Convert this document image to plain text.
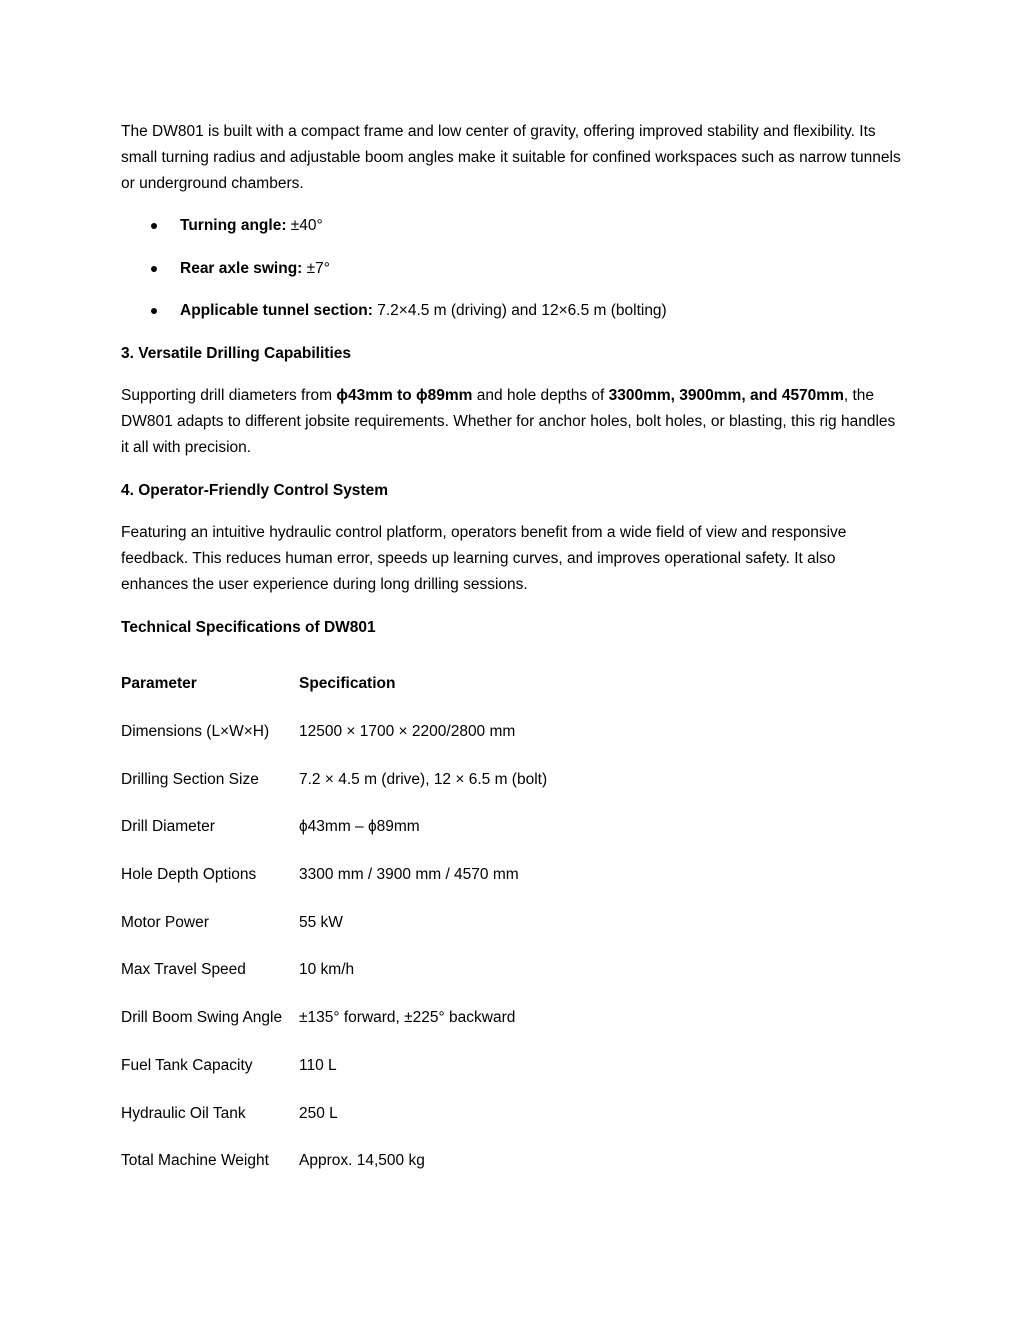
The DW801 is built with a compact frame and low center of gravity, offering improved stability and flexibility. Its small turning radius and adjustable boom angles make it suitable for confined workspaces such as narrow tunnels or underground chambers.

Turning angle: ±40°
Rear axle swing: ±7°
Applicable tunnel section: 7.2×4.5 m (driving) and 12×6.5 m (bolting)

3. Versatile Drilling Capabilities

Supporting drill diameters from ϕ43mm to ϕ89mm and hole depths of 3300mm, 3900mm, and 4570mm, the DW801 adapts to different jobsite requirements. Whether for anchor holes, bolt holes, or blasting, this rig handles it all with precision.

4. Operator-Friendly Control System

Featuring an intuitive hydraulic control platform, operators benefit from a wide field of view and responsive feedback. This reduces human error, speeds up learning curves, and improves operational safety. It also enhances the user experience during long drilling sessions.

Technical Specifications of DW801

Parameter	Specification
Dimensions (L×W×H)	12500 × 1700 × 2200/2800 mm
Drilling Section Size	7.2 × 4.5 m (drive), 12 × 6.5 m (bolt)
Drill Diameter	ϕ43mm – ϕ89mm
Hole Depth Options	3300 mm / 3900 mm / 4570 mm
Motor Power	55 kW
Max Travel Speed	10 km/h
Drill Boom Swing Angle	±135° forward, ±225° backward
Fuel Tank Capacity	110 L
Hydraulic Oil Tank	250 L
Total Machine Weight	Approx. 14,500 kg
